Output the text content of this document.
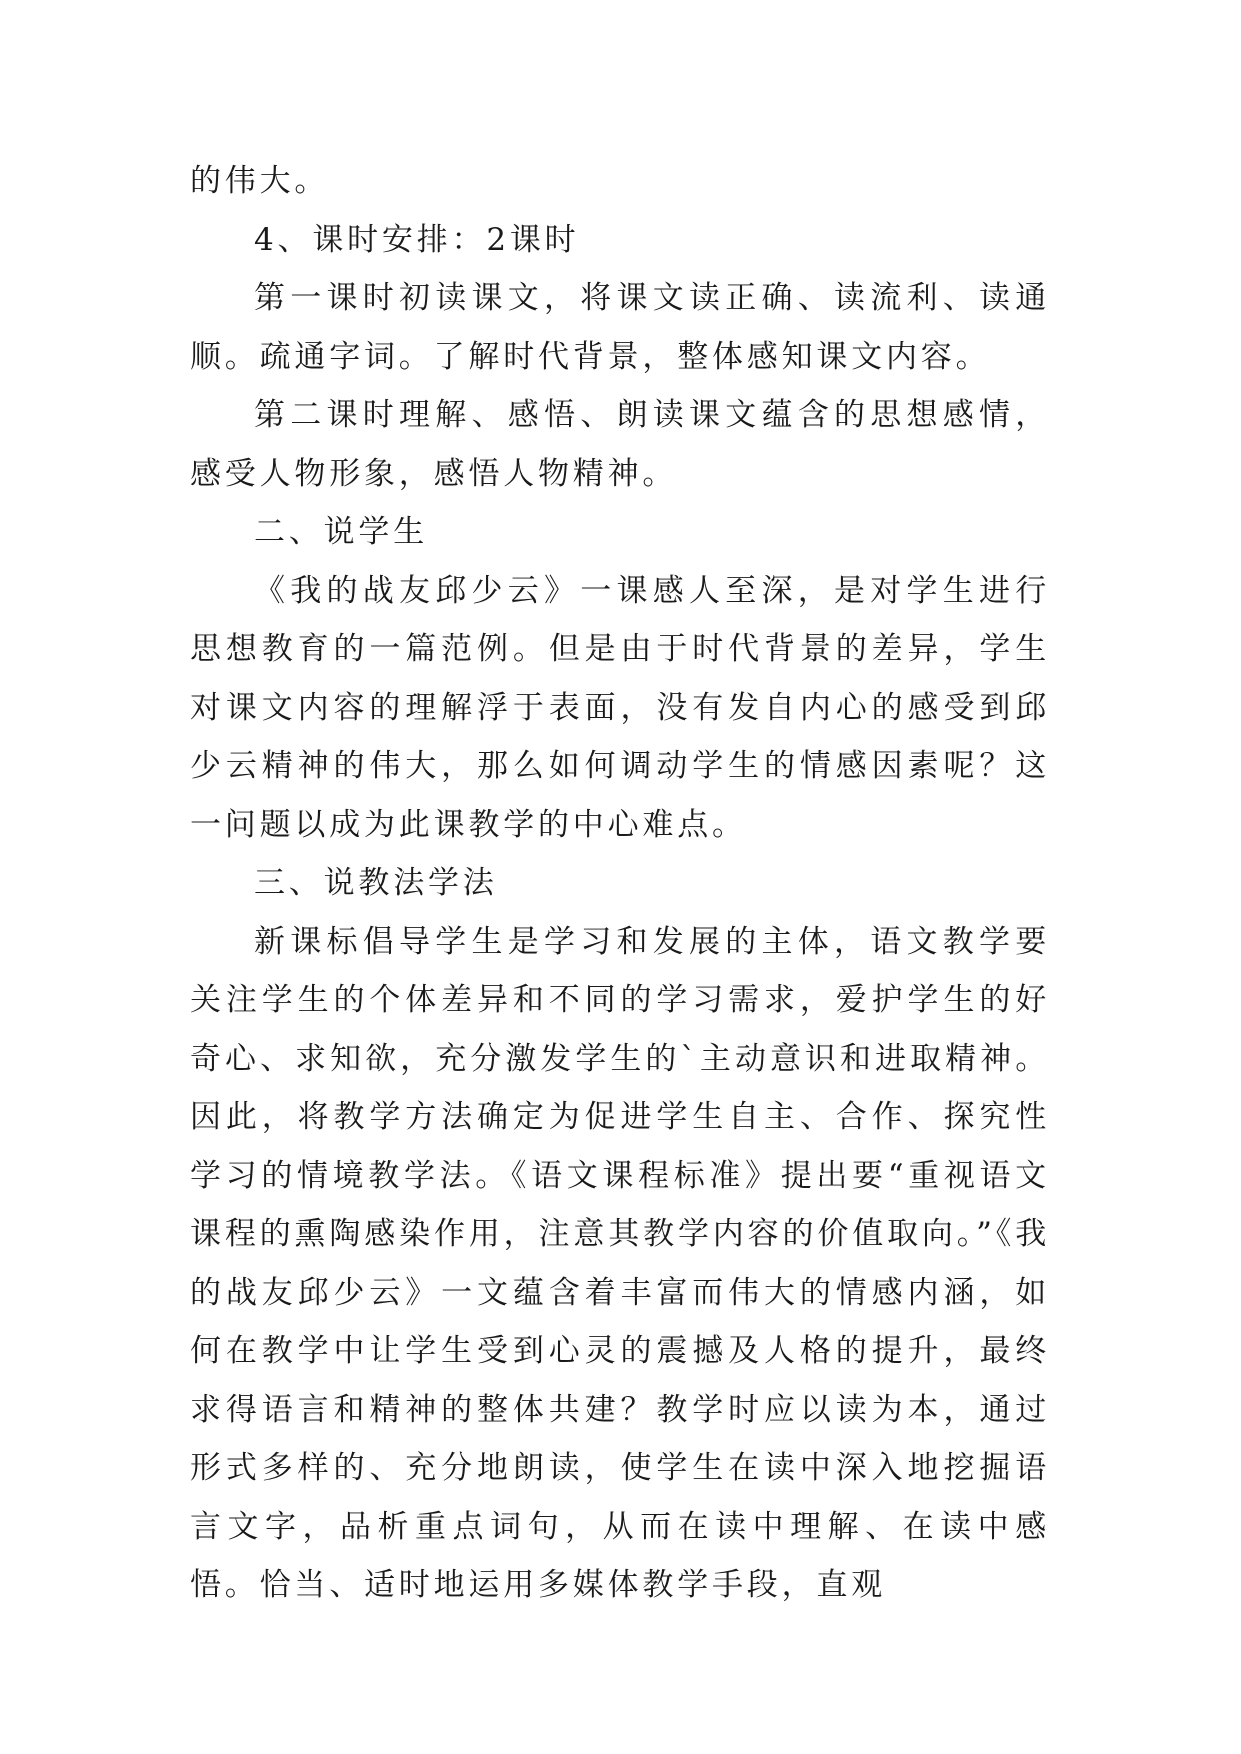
的伟大。

4、课时安排：2课时

第一课时初读课文，将课文读正确、读流利、读通顺。疏通字词。了解时代背景，整体感知课文内容。

第二课时理解、感悟、朗读课文蕴含的思想感情，感受人物形象，感悟人物精神。

二、说学生

《我的战友邱少云》一课感人至深，是对学生进行思想教育的一篇范例。但是由于时代背景的差异，学生对课文内容的理解浮于表面，没有发自内心的感受到邱少云精神的伟大，那么如何调动学生的情感因素呢？这一问题以成为此课教学的中心难点。

三、说教法学法

新课标倡导学生是学习和发展的主体，语文教学要关注学生的个体差异和不同的学习需求，爱护学生的好奇心、求知欲，充分激发学生的`主动意识和进取精神。因此，将教学方法确定为促进学生自主、合作、探究性学习的情境教学法。《语文课程标准》提出要“重视语文课程的熏陶感染作用，注意其教学内容的价值取向。”《我的战友邱少云》一文蕴含着丰富而伟大的情感内涵，如何在教学中让学生受到心灵的震撼及人格的提升，最终求得语言和精神的整体共建？教学时应以读为本，通过形式多样的、充分地朗读，使学生在读中深入地挖掘语言文字，品析重点词句，从而在读中理解、在读中感悟。恰当、适时地运用多媒体教学手段，直观
